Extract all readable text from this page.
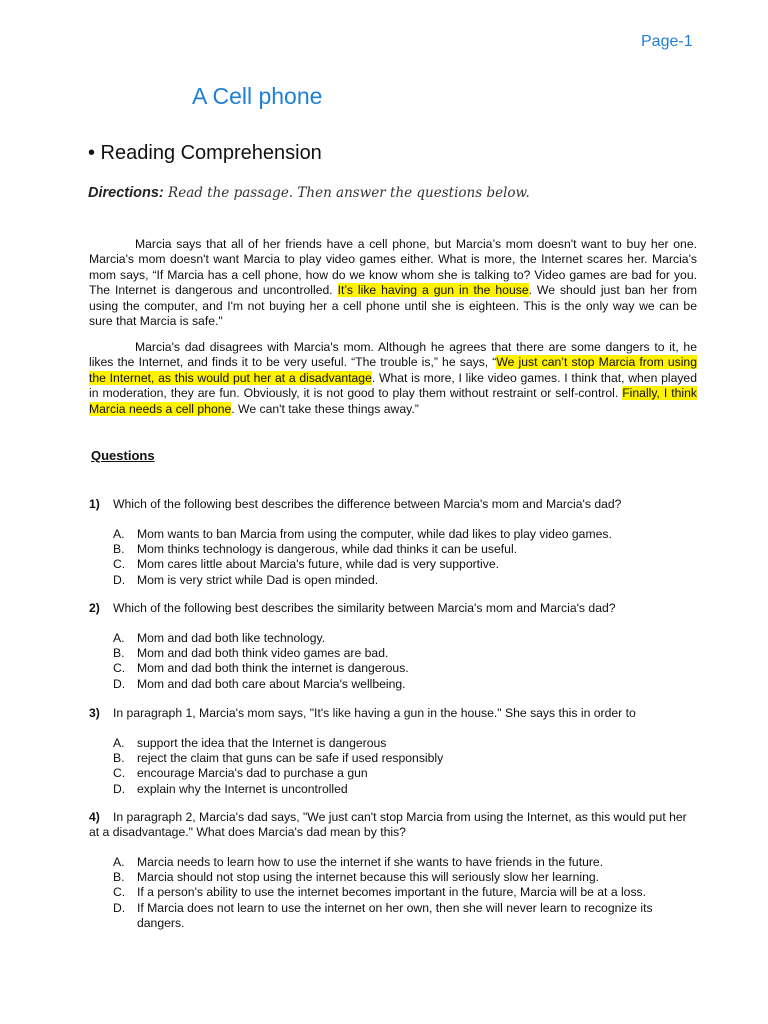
Page-1
A Cell phone
• Reading Comprehension
Directions: Read the passage. Then answer the questions below.
Marcia says that all of her friends have a cell phone, but Marcia’s mom doesn't want to buy her one. Marcia's mom doesn't want Marcia to play video games either. What is more, the Internet scares her. Marcia's mom says, “If Marcia has a cell phone, how do we know whom she is talking to? Video games are bad for you. The Internet is dangerous and uncontrolled. It’s like having a gun in the house. We should just ban her from using the computer, and I'm not buying her a cell phone until she is eighteen. This is the only way we can be sure that Marcia is safe."
Marcia's dad disagrees with Marcia's mom. Although he agrees that there are some dangers to it, he likes the Internet, and finds it to be very useful. “The trouble is,” he says, “We just can’t stop Marcia from using the Internet, as this would put her at a disadvantage. What is more, I like video games. I think that, when played in moderation, they are fun. Obviously, it is not good to play them without restraint or self-control. Finally, I think Marcia needs a cell phone. We can't take these things away.”
Questions
1) Which of the following best describes the difference between Marcia's mom and Marcia's dad?
A.	Mom wants to ban Marcia from using the computer, while dad likes to play video games.
B.	Mom thinks technology is dangerous, while dad thinks it can be useful.
C. Mom cares little about Marcia's future, while dad is very supportive.
D. Mom is very strict while Dad is open minded.
2) Which of the following best describes the similarity between Marcia's mom and Marcia's dad?
A.	Mom and dad both like technology.
B.	Mom and dad both think video games are bad.
C. Mom and dad both think the internet is dangerous.
D. Mom and dad both care about Marcia's wellbeing.
3) In paragraph 1, Marcia's mom says, "It's like having a gun in the house." She says this in order to
A.	support the idea that the Internet is dangerous
B.	reject the claim that guns can be safe if used responsibly
C. encourage Marcia's dad to purchase a gun
D. explain why the Internet is uncontrolled
4) In paragraph 2, Marcia's dad says, "We just can't stop Marcia from using the Internet, as this would put her at a disadvantage." What does Marcia's dad mean by this?
A.	Marcia needs to learn how to use the internet if she wants to have friends in the future.
B.	Marcia should not stop using the internet because this will seriously slow her learning.
C. If a person's ability to use the internet becomes important in the future, Marcia will be at a loss.
D. If Marcia does not learn to use the internet on her own, then she will never learn to recognize its dangers.
